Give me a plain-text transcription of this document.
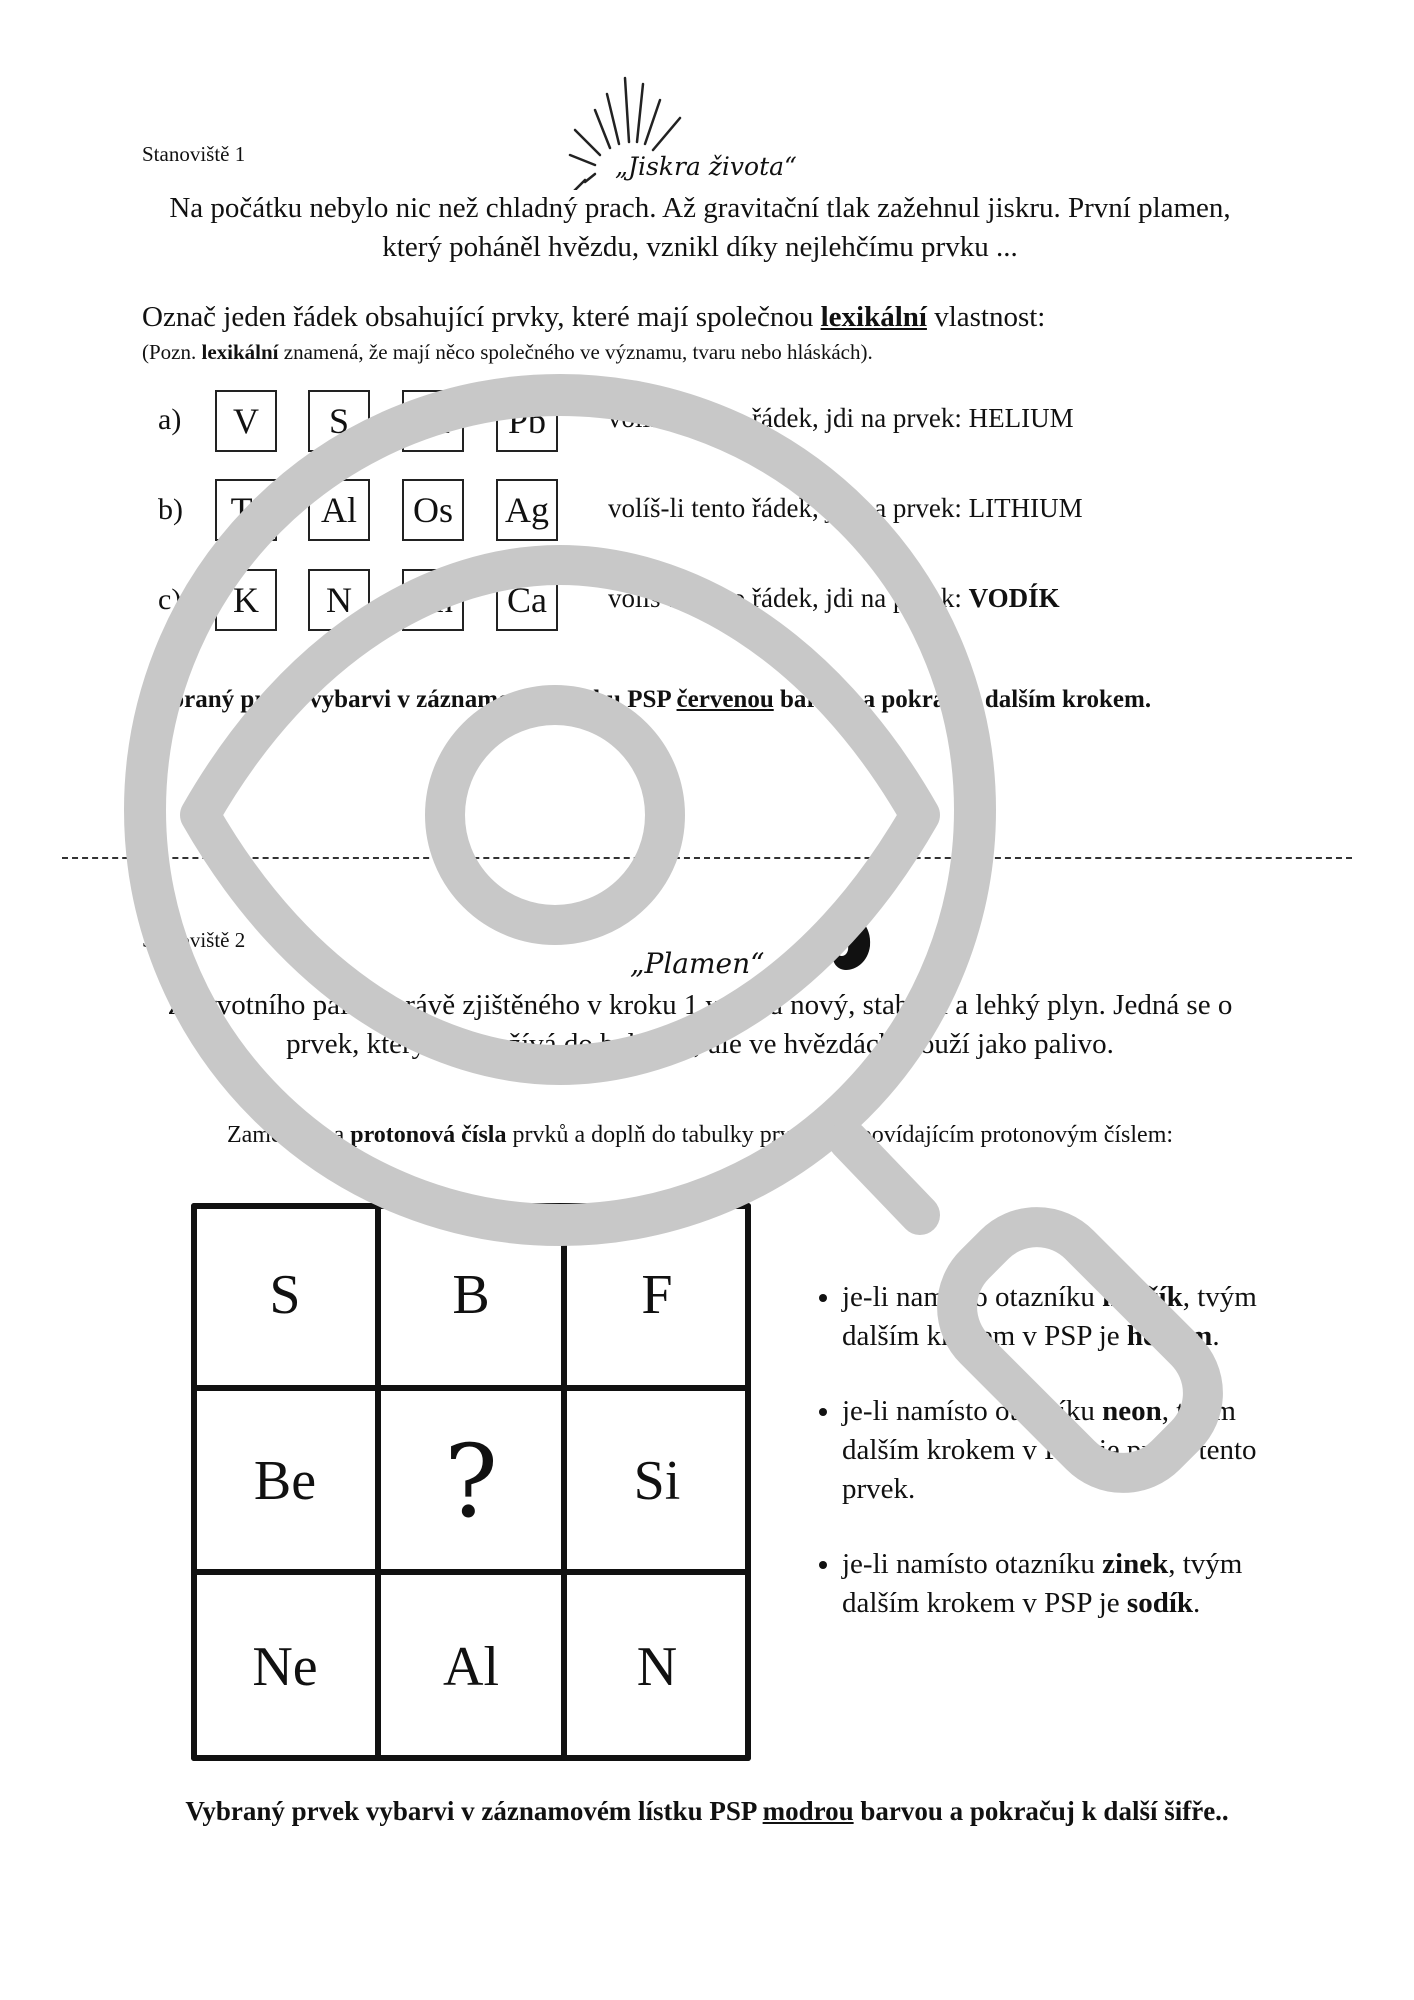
Stanoviště 1	„Jiskra života“
Na počátku nebylo nic než chladný prach. Až gravitační tlak zažehnul jiskru. První plamen,
který poháněl hvězdu, vznikl díky nejlehčímu prvku ...
Označ jeden řádek obsahující prvky, které mají společnou lexikální vlastnost:
(Pozn. lexikální znamená, že mají něco společného ve významu, tvaru nebo hláskách).
a)	V	S	Cl	Pb	volíš-li tento řádek, jdi na prvek: HELIUM
b)	Ti	Al	Os	Ag	volíš-li tento řádek, jdi na prvek: LITHIUM
c)	K	N	Zn	Ca	volíš-li tento řádek, jdi na prvek: VODÍK
Vybraný prvek vybarvi v záznamovém lístku PSP červenou barvou a pokračuj dalším krokem.
Stanoviště 2
„Plamen“
Z prvotního paliva právě zjištěného v kroku 1 vzniká nový, stabilní a lehký plyn. Jedná se o
prvek, který se používá do balonků, ale ve hvězdách slouží jako palivo.
Zaměř se na protonová čísla prvků a doplň do tabulky prvek s odpovídajícím protonovým číslem:
S	B	F
Be	?	Si
Ne	Al	N
• je-li namísto otazníku hořčík, tvým dalším krokem v PSP je helium.
• je-li namísto otazníku neon, tvým dalším krokem v PSP je právě tento prvek.
• je-li namísto otazníku zinek, tvým dalším krokem v PSP je sodík.
Vybraný prvek vybarvi v záznamovém lístku PSP modrou barvou a pokračuj k další šifře..
